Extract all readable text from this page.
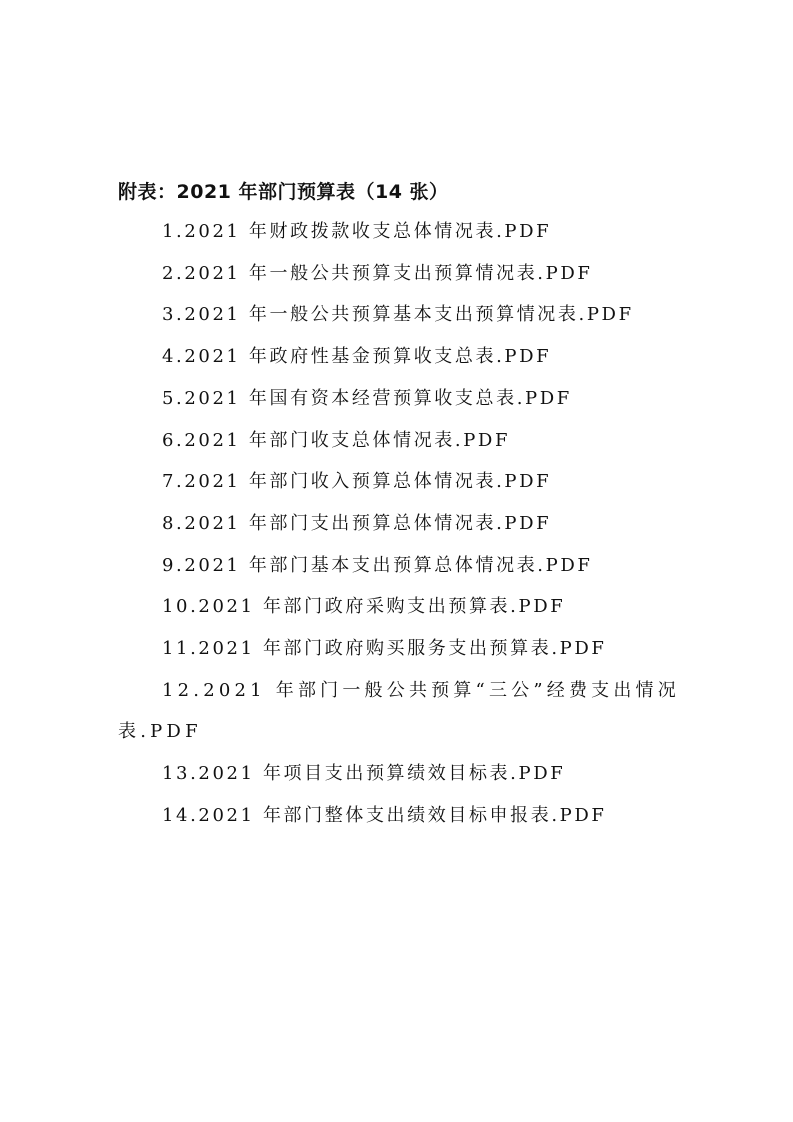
附表：2021 年部门预算表（14 张）
1.2021 年财政拨款收支总体情况表.PDF
2.2021 年一般公共预算支出预算情况表.PDF
3.2021 年一般公共预算基本支出预算情况表.PDF
4.2021 年政府性基金预算收支总表.PDF
5.2021 年国有资本经营预算收支总表.PDF
6.2021 年部门收支总体情况表.PDF
7.2021 年部门收入预算总体情况表.PDF
8.2021 年部门支出预算总体情况表.PDF
9.2021 年部门基本支出预算总体情况表.PDF
10.2021 年部门政府采购支出预算表.PDF
11.2021 年部门政府购买服务支出预算表.PDF
12.2021 年部门一般公共预算“三公”经费支出情况表.PDF
13.2021 年项目支出预算绩效目标表.PDF
14.2021 年部门整体支出绩效目标申报表.PDF
